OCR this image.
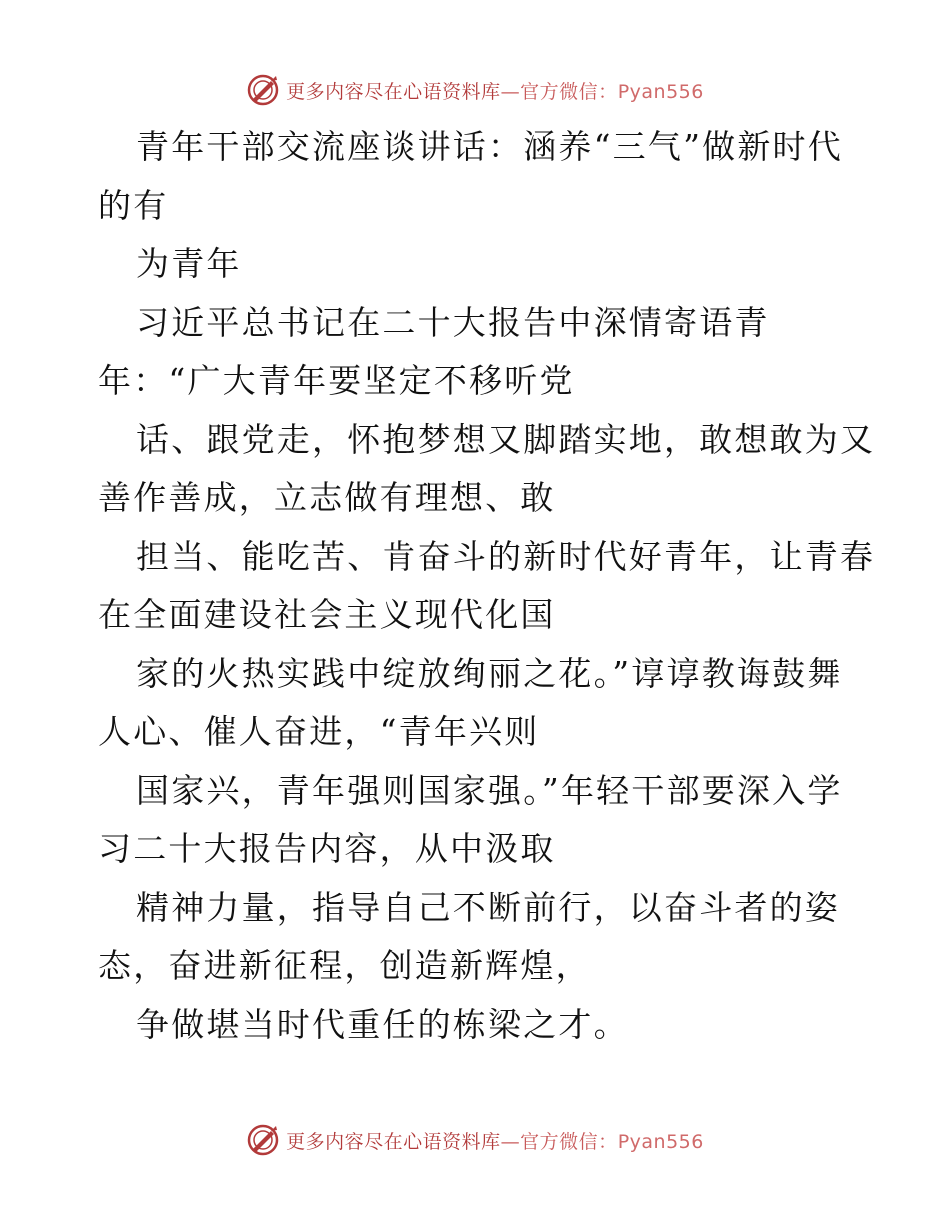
更多内容尽在心语资料库—官方微信：Pyan556
青年干部交流座谈讲话：涵养“三气”做新时代
的有
为青年
习近平总书记在二十大报告中深情寄语青
年：“广大青年要坚定不移听党
话、跟党走，怀抱梦想又脚踏实地，敢想敢为又
善作善成，立志做有理想、敢
担当、能吃苦、肯奋斗的新时代好青年，让青春
在全面建设社会主义现代化国
家的火热实践中绽放绚丽之花。”谆谆教诲鼓舞
人心、催人奋进，“青年兴则
国家兴，青年强则国家强。”年轻干部要深入学
习二十大报告内容，从中汲取
精神力量，指导自己不断前行，以奋斗者的姿
态，奋进新征程，创造新辉煌，
争做堪当时代重任的栋梁之才。
更多内容尽在心语资料库—官方微信：Pyan556
